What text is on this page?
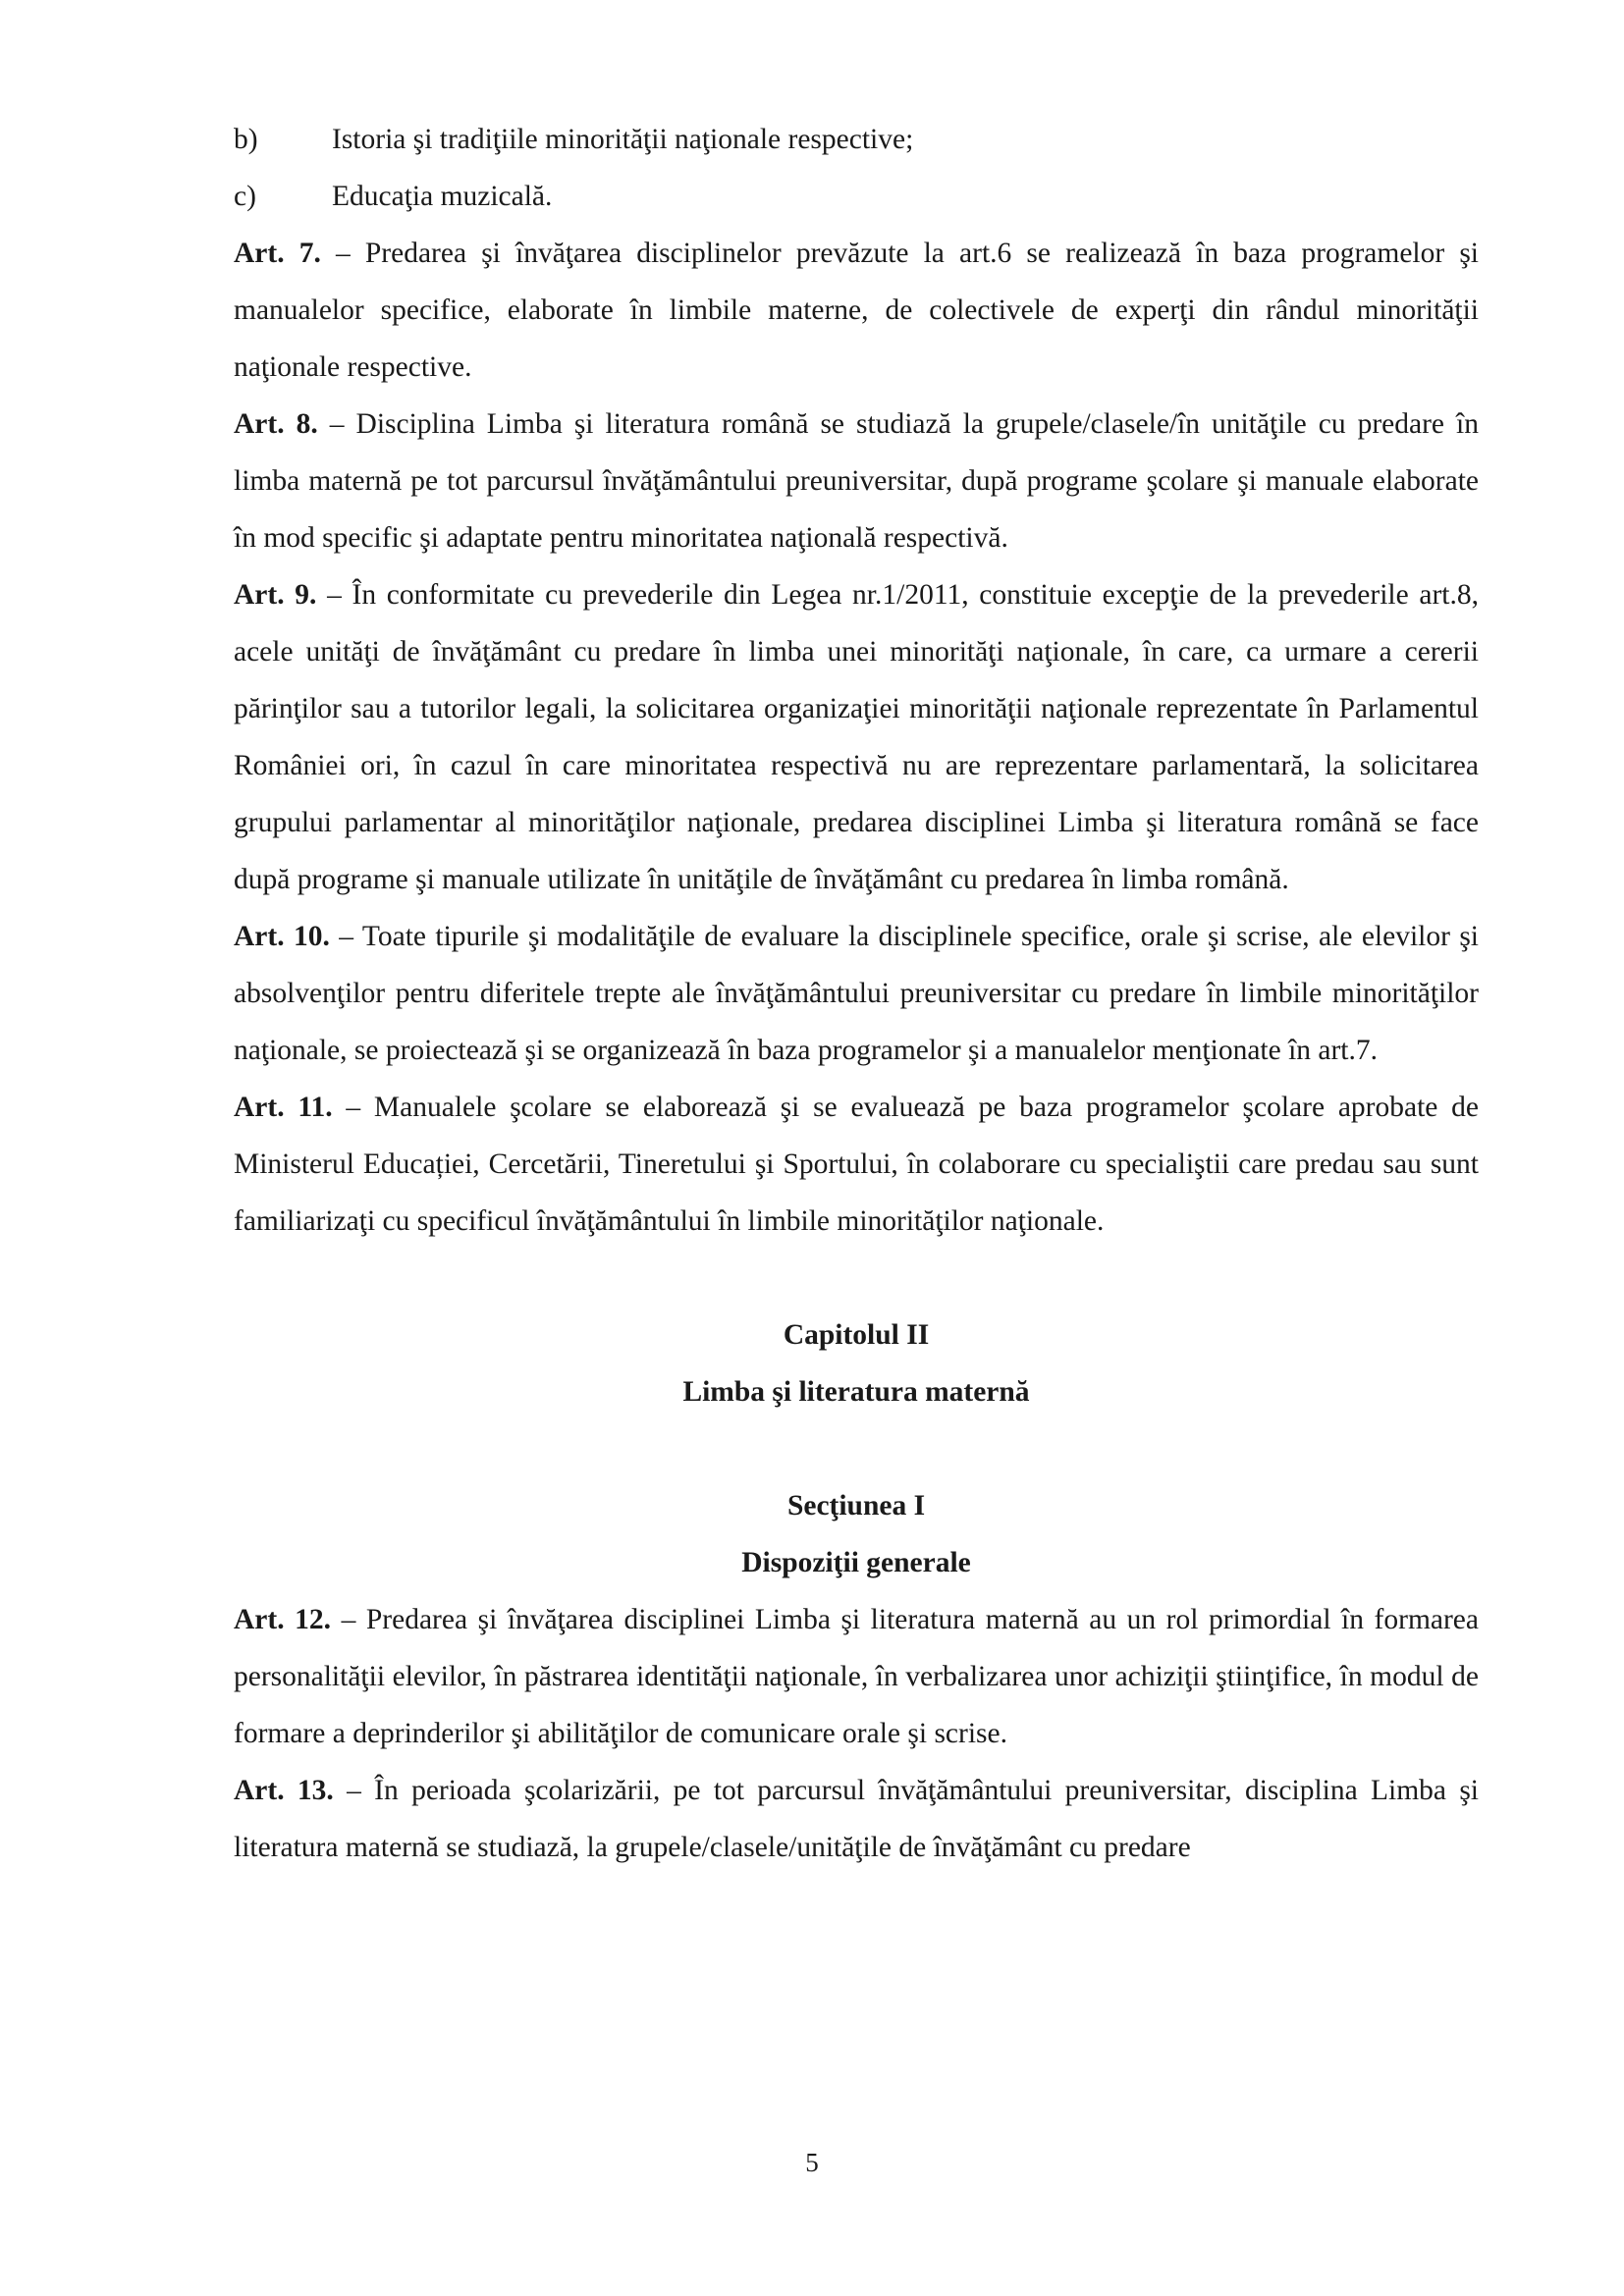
b)	Istoria şi tradiţiile minorităţii naţionale respective;
c)	Educaţia muzicală.

Art. 7. – Predarea şi învăţarea disciplinelor prevăzute la art.6 se realizează în baza programelor şi manualelor specifice, elaborate în limbile materne, de colectivele de experţi din rândul minorităţii naţionale respective.

Art. 8. – Disciplina Limba şi literatura română se studiază la grupele/clasele/în unităţile cu predare în limba maternă pe tot parcursul învăţământului preuniversitar, după programe şcolare şi manuale elaborate în mod specific şi adaptate pentru minoritatea naţională respectivă.

Art. 9. – În conformitate cu prevederile din Legea nr.1/2011, constituie excepţie de la prevederile art.8, acele unităţi de învăţământ cu predare în limba unei minorităţi naţionale, în care, ca urmare a cererii părinţilor sau a tutorilor legali, la solicitarea organizaţiei minorităţii naţionale reprezentate în Parlamentul României ori, în cazul în care minoritatea respectivă nu are reprezentare parlamentară, la solicitarea grupului parlamentar al minorităţilor naţionale, predarea disciplinei Limba şi literatura română se face după programe şi manuale utilizate în unităţile de învăţământ cu predarea în limba română.

Art. 10. – Toate tipurile şi modalităţile de evaluare la disciplinele specifice, orale şi scrise, ale elevilor şi absolvenţilor pentru diferitele trepte ale învăţământului preuniversitar cu predare în limbile minorităţilor naţionale, se proiectează şi se organizează în baza programelor şi a manualelor menţionate în art.7.

Art. 11. – Manualele şcolare se elaborează şi se evaluează pe baza programelor şcolare aprobate de Ministerul Educației, Cercetării, Tineretului şi Sportului, în colaborare cu specialiştii care predau sau sunt familiarizaţi cu specificul învăţământului în limbile minorităţilor naţionale.

Capitolul II

Limba şi literatura maternă

Secţiunea I

Dispoziţii generale

Art. 12. – Predarea şi învăţarea disciplinei Limba şi literatura maternă au un rol primordial în formarea personalităţii elevilor, în păstrarea identităţii naţionale, în verbalizarea unor achiziţii ştiinţifice, în modul de formare a deprinderilor şi abilităţilor de comunicare orale şi scrise.

Art. 13. – În perioada şcolarizării, pe tot parcursul învăţământului preuniversitar, disciplina Limba şi literatura maternă se studiază, la grupele/clasele/unităţile de învăţământ cu predare

5
